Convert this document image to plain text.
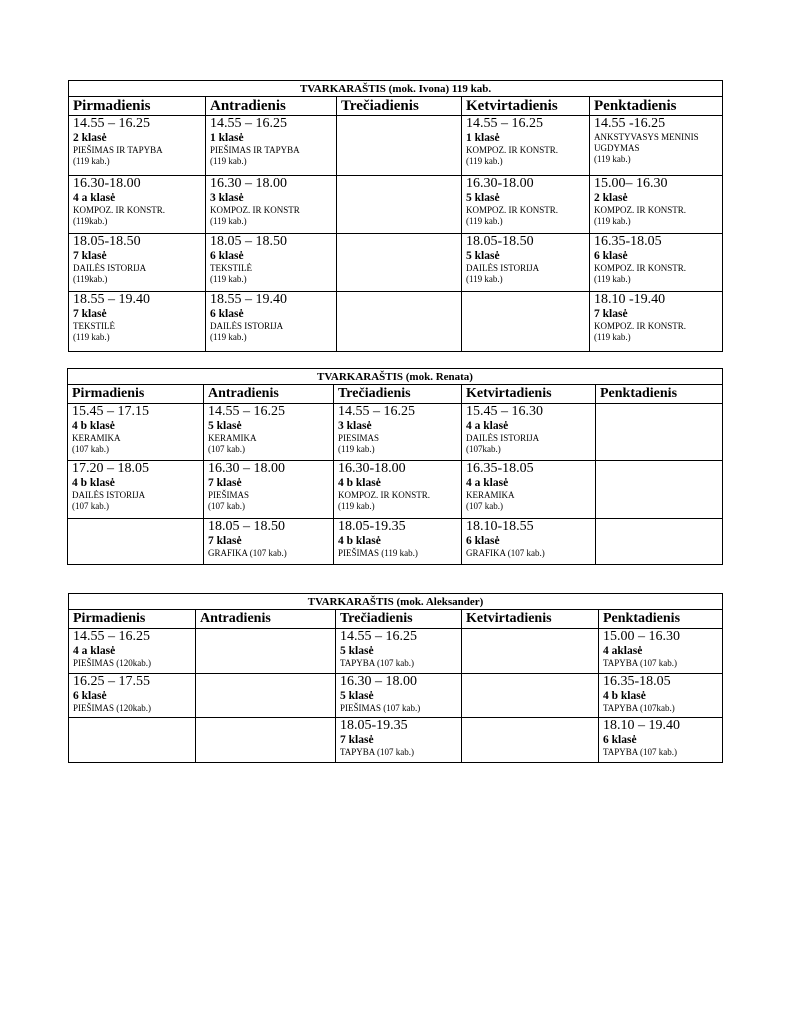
TVARKARAŠTIS (mok. Ivona) 119 kab.				
Pirmadienis	Antradienis	Trečiadienis	Ketvirtadienis	Penktadienis

14.55 – 16.25
2 klasė
PIEŠIMAS IR TAPYBA
(119 kab.)	14.55 – 16.25
1 klasė
PIEŠIMAS IR TAPYBA
(119 kab.)		14.55 – 16.25
1 klasė
KOMPOZ. IR KONSTR.
(119 kab.)	14.55 -16.25
ANKSTYVASYS MENINIS UGDYMAS
(119 kab.)

16.30-18.00
4 a klasė
KOMPOZ. IR KONSTR.
(119kab.)	16.30 – 18.00
3 klasė
KOMPOZ. IR KONSTR
(119 kab.)		16.30-18.00
5 klasė
KOMPOZ. IR KONSTR.
(119 kab.)	15.00– 16.30
2 klasė
KOMPOZ. IR KONSTR.
(119 kab.)

18.05-18.50
7 klasė
DAILĖS ISTORIJA
(119kab.)	18.05 – 18.50
6 klasė
TEKSTILĖ
(119 kab.)		18.05-18.50
5 klasė
DAILĖS ISTORIJA
(119 kab.)	16.35-18.05
6 klasė
KOMPOZ. IR KONSTR.
(119 kab.)

18.55 – 19.40
7 klasė
TEKSTILĖ
(119 kab.)	18.55 – 19.40
6 klasė
DAILĖS ISTORIJA
(119 kab.)			18.10 -19.40
7 klasė
KOMPOZ. IR KONSTR.
(119 kab.)
TVARKARAŠTIS (mok. Renata)				
Pirmadienis	Antradienis	Trečiadienis	Ketvirtadienis	Penktadienis

15.45 – 17.15
4 b klasė
KERAMIKA
(107 kab.)	14.55 – 16.25
5 klasė
KERAMIKA
(107 kab.)	14.55 – 16.25
3 klasė
PIESIMAS
(119 kab.)	15.45 – 16.30
4 a klasė
DAILĖS ISTORIJA
(107kab.)	

17.20 – 18.05
4 b klasė
DAILĖS ISTORIJA
(107 kab.)	16.30 – 18.00
7 klasė
PIEŠIMAS
(107 kab.)	16.30-18.00
4 b klasė
KOMPOZ. IR KONSTR.
(119 kab.)	16.35-18.05
4 a klasė
KERAMIKA
(107 kab.)	

	18.05 – 18.50
7 klasė
GRAFIKA (107 kab.)	18.05-19.35
4 b klasė
PIEŠIMAS (119 kab.)	18.10-18.55
6 klasė
GRAFIKA (107 kab.)	

TVARKARAŠTIS (mok. Aleksander)				
Pirmadienis	Antradienis	Trečiadienis	Ketvirtadienis	Penktadienis

14.55 – 16.25
4 a klasė
PIEŠIMAS (120kab.)		14.55 – 16.25
5 klasė
TAPYBA (107 kab.)		15.00 – 16.30
4 aklasė
TAPYBA (107 kab.)

16.25 – 17.55
6 klasė
PIEŠIMAS (120kab.)		16.30 – 18.00
5 klasė
PIEŠIMAS (107 kab.)		16.35-18.05
4 b klasė
TAPYBA (107kab.)

		18.05-19.35
7 klasė
TAPYBA (107 kab.)		18.10 – 19.40
6 klasė
TAPYBA (107 kab.)
